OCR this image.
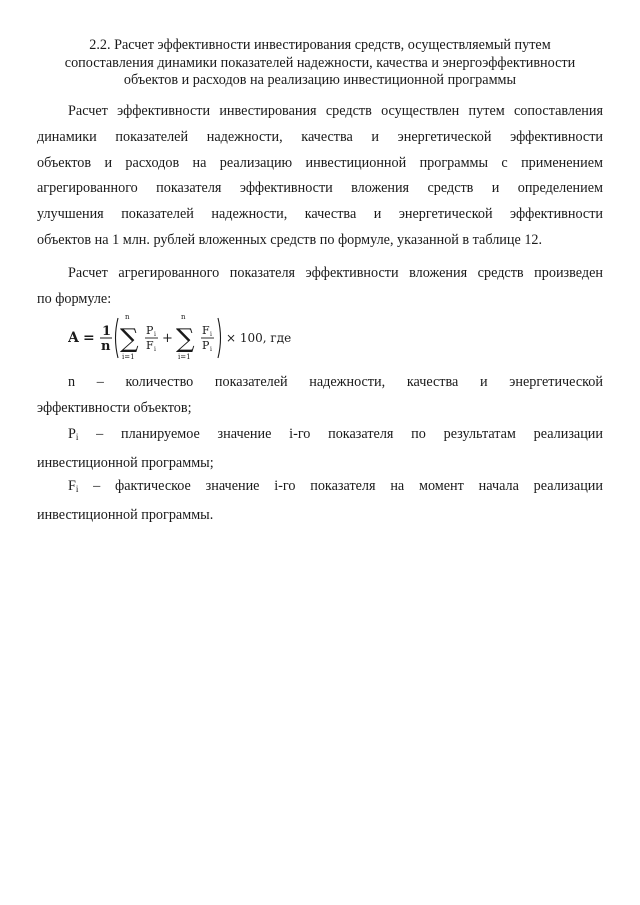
2.2. Расчет эффективности инвестирования средств, осуществляемый путем
сопоставления динамики показателей надежности, качества и энергоэффективности
объектов и расходов на реализацию инвестиционной программы
Расчет эффективности инвестирования средств осуществлен путем сопоставления
динамики показателей надежности, качества и энергетической эффективности
объектов и расходов на реализацию инвестиционной программы с применением
агрегированного показателя эффективности вложения средств и определением
улучшения показателей надежности, качества и энергетической эффективности
объектов на 1 млн. рублей вложенных средств по формуле, указанной в таблице 12.
Расчет агрегированного показателя эффективности вложения средств произведен
по формуле:
A = 1
n
n
∑
i=1
P i
F i
+
n
∑
i=1
F i
P i
× 100, где
n – количество показателей надежности, качества и энергетической
эффективности объектов;
$P_i$ – планируемое значение i-го показателя по результатам реализации
инвестиционной программы;
$F_i$ – фактическое значение i-го показателя на момент начала реализации
инвестиционной программы.
